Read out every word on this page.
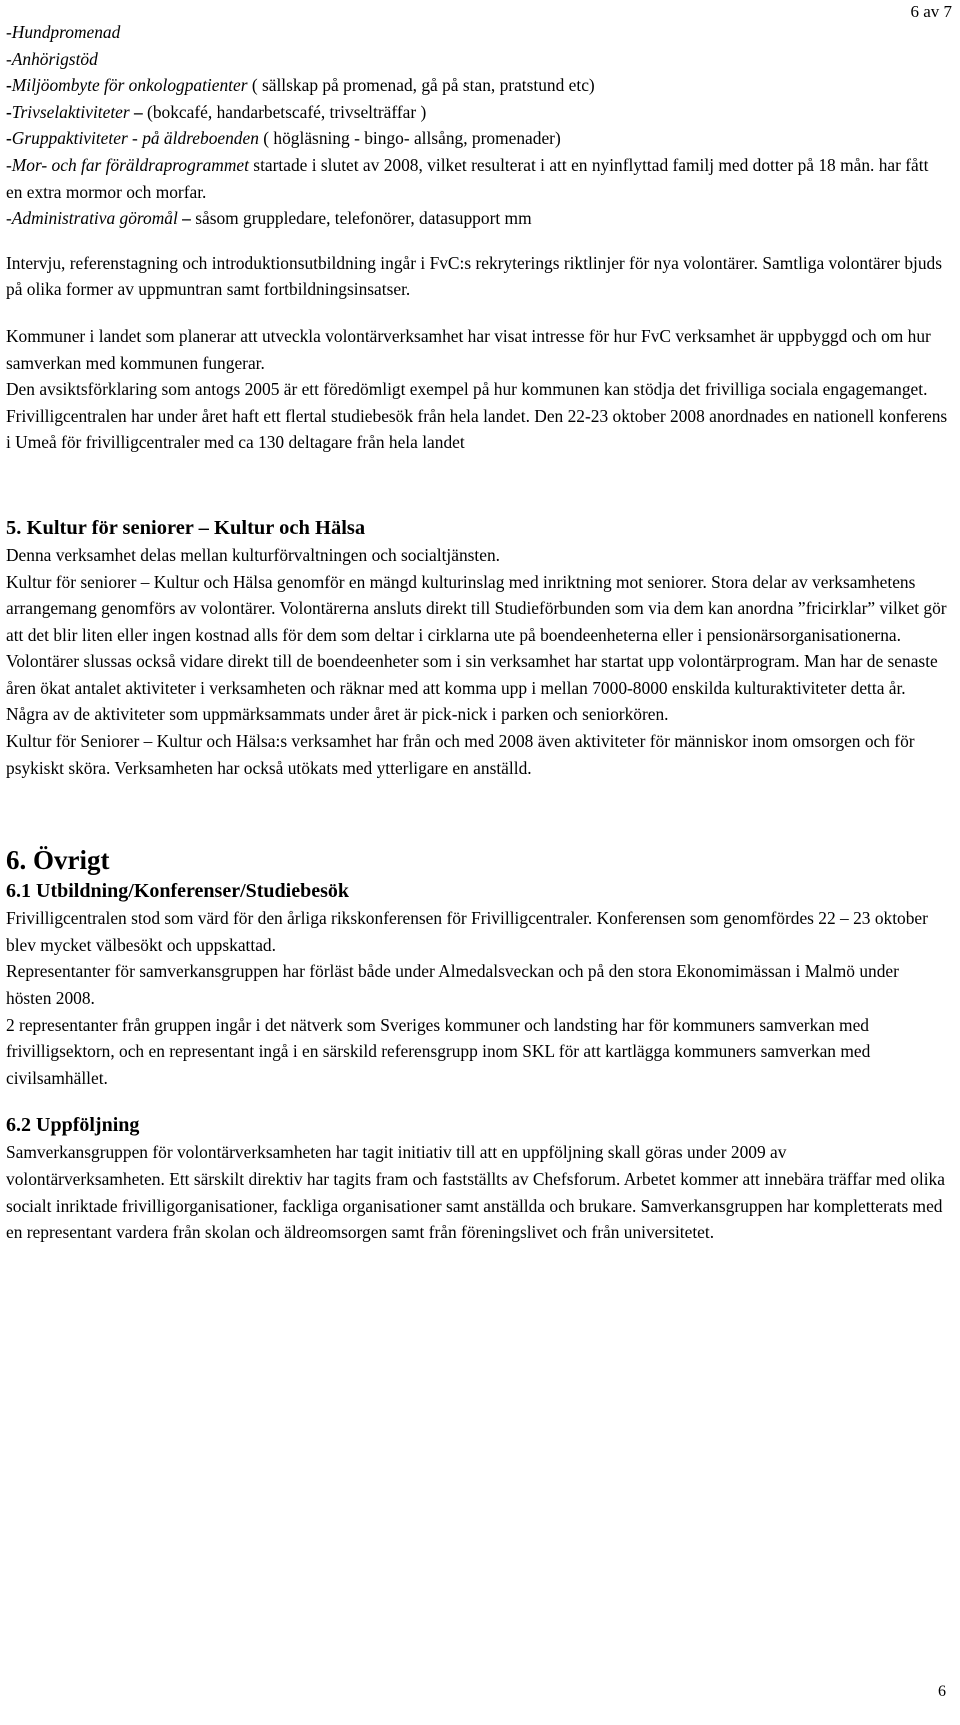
6 av 7

-Hundpromenad

-Anhörigstöd

-Miljöombyte för onkologpatienter ( sällskap på promenad, gå på stan, pratstund etc)

-Trivselaktiviteter – (bokcafé, handarbetscafé, trivselträffar )

-Gruppaktiviteter - på äldreboenden ( högläsning - bingo- allsång, promenader)

-Mor- och far föräldraprogrammet startade i slutet av 2008, vilket resulterat i att en nyinflyttad familj med dotter på 18 mån. har fått en extra mormor och morfar.

-Administrativa göromål – såsom gruppledare, telefonörer, datasupport mm

Intervju, referenstagning och introduktionsutbildning ingår i FvC:s rekryterings riktlinjer för nya volontärer. Samtliga volontärer bjuds på olika former av uppmuntran samt fortbildningsinsatser.

Kommuner i landet som planerar att utveckla volontärverksamhet har visat intresse för hur FvC verksamhet är uppbyggd och om hur samverkan med kommunen fungerar.

Den avsiktsförklaring som antogs 2005 är ett föredömligt exempel på hur kommunen kan stödja det frivilliga sociala engagemanget. Frivilligcentralen har under året haft ett flertal studiebesök från hela landet. Den 22-23 oktober 2008 anordnades en nationell konferens i Umeå för frivilligcentraler med ca 130 deltagare från hela landet

5. Kultur för seniorer – Kultur och Hälsa

Denna verksamhet delas mellan kulturförvaltningen och socialtjänsten.

Kultur för seniorer – Kultur och Hälsa genomför en mängd kulturinslag med inriktning mot seniorer. Stora delar av verksamhetens arrangemang genomförs av volontärer. Volontärerna ansluts direkt till Studieförbunden som via dem kan anordna ”fricirklar” vilket gör att det blir liten eller ingen kostnad alls för dem som deltar i cirklarna ute på boendeenheterna eller i pensionärsorganisationerna.

Volontärer slussas också vidare direkt till de boendeenheter som i sin verksamhet har startat upp volontärprogram. Man har de senaste åren ökat antalet aktiviteter i verksamheten och räknar med att komma upp i mellan 7000-8000 enskilda kulturaktiviteter detta år.

Några av de aktiviteter som uppmärksammats under året är pick-nick i parken och seniorkören.

Kultur för Seniorer – Kultur och Hälsa:s verksamhet har från och med 2008 även aktiviteter för människor inom omsorgen och för psykiskt sköra. Verksamheten har också utökats med ytterligare en anställd.

6. Övrigt
6.1 Utbildning/Konferenser/Studiebesök

Frivilligcentralen stod som värd för den årliga rikskonferensen för Frivilligcentraler. Konferensen som genomfördes 22 – 23 oktober blev mycket välbesökt och uppskattad.

Representanter för samverkansgruppen har förläst både under Almedalsveckan och på den stora Ekonomimässan i Malmö under hösten 2008.

2 representanter från gruppen ingår i det nätverk som Sveriges kommuner och landsting har för kommuners samverkan med frivilligsektorn, och en representant ingå i en särskild referensgrupp inom SKL för att kartlägga kommuners samverkan med civilsamhället.

6.2 Uppföljning

Samverkansgruppen för volontärverksamheten har tagit initiativ till att en uppföljning skall göras under 2009 av volontärverksamheten. Ett särskilt direktiv har tagits fram och fastställts av Chefsforum. Arbetet kommer att innebära träffar med olika socialt inriktade frivilligorganisationer, fackliga organisationer samt anställda och brukare. Samverkansgruppen har kompletterats med en representant vardera från skolan och äldreomsorgen samt från föreningslivet och från universitetet.

6
